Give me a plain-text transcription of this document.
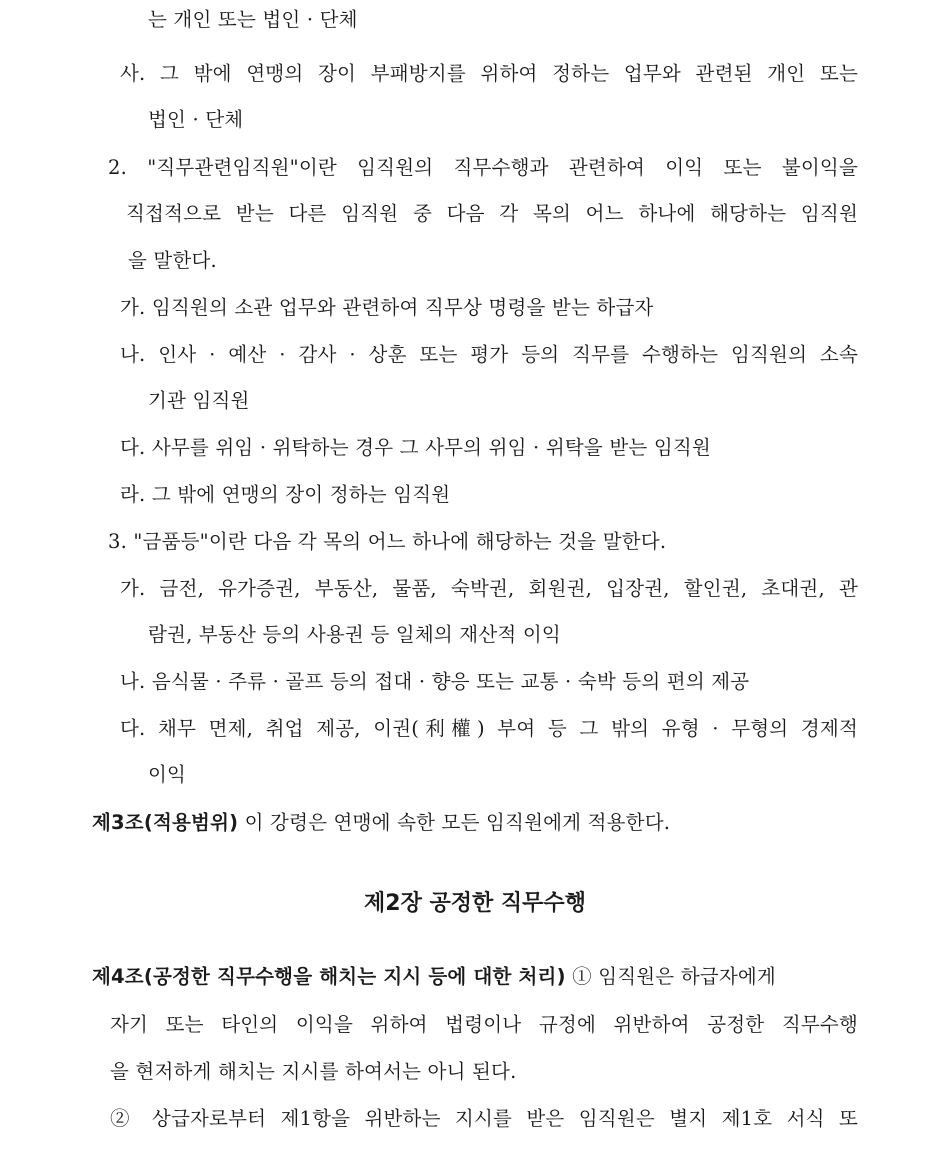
는 개인 또는 법인 · 단체
사. 그 밖에 연맹의 장이 부패방지를 위하여 정하는 업무와 관련된 개인 또는
법인 · 단체
2. "직무관련임직원"이란 임직원의 직무수행과 관련하여 이익 또는 불이익을
직접적으로 받는 다른 임직원 중 다음 각 목의 어느 하나에 해당하는 임직원
을 말한다.
가. 임직원의 소관 업무와 관련하여 직무상 명령을 받는 하급자
나. 인사 · 예산 · 감사 · 상훈 또는 평가 등의 직무를 수행하는 임직원의 소속
기관 임직원
다. 사무를 위임 · 위탁하는 경우 그 사무의 위임 · 위탁을 받는 임직원
라. 그 밖에 연맹의 장이 정하는 임직원
3. "금품등"이란 다음 각 목의 어느 하나에 해당하는 것을 말한다.
가. 금전, 유가증권, 부동산, 물품, 숙박권, 회원권, 입장권, 할인권, 초대권, 관
람권, 부동산 등의 사용권 등 일체의 재산적 이익
나. 음식물 · 주류 · 골프 등의 접대 · 향응 또는 교통 · 숙박 등의 편의 제공
다. 채무 면제, 취업 제공, 이권(利權) 부여 등 그 밖의 유형 · 무형의 경제적
이익
제3조(적용범위) 이 강령은 연맹에 속한 모든 임직원에게 적용한다.
제2장 공정한 직무수행
제4조(공정한 직무수행을 해치는 지시 등에 대한 처리) ① 임직원은 하급자에게
자기 또는 타인의 이익을 위하여 법령이나 규정에 위반하여 공정한 직무수행
을 현저하게 해치는 지시를 하여서는 아니 된다.
② 상급자로부터 제1항을 위반하는 지시를 받은 임직원은 별지 제1호 서식 또
